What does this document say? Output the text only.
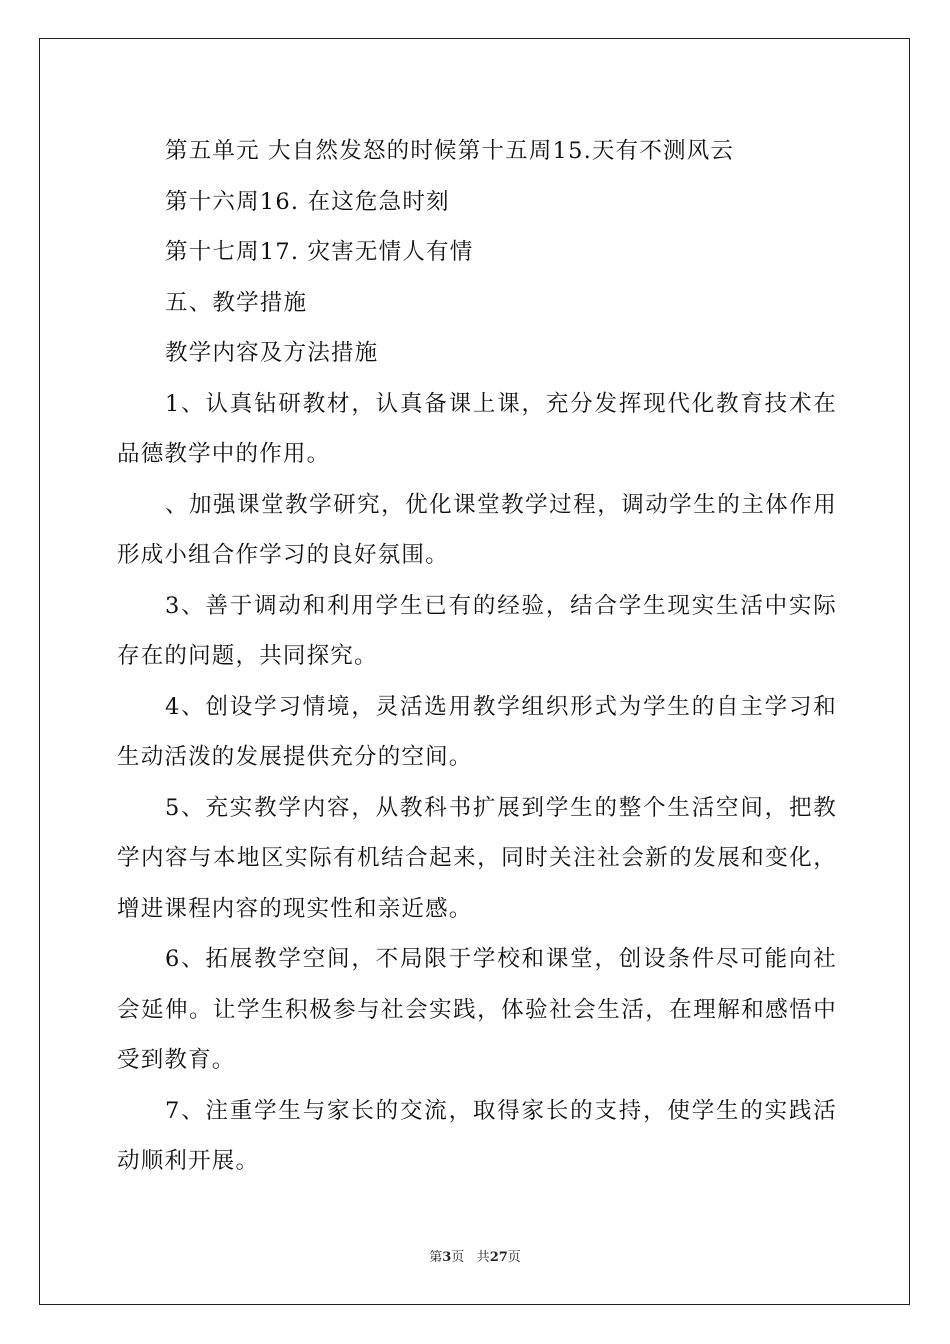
第五单元 大自然发怒的时候第十五周15.天有不测风云

第十六周16. 在这危急时刻

第十七周17. 灾害无情人有情

五、教学措施

教学内容及方法措施

1、认真钻研教材，认真备课上课，充分发挥现代化教育技术在品德教学中的作用。

、加强课堂教学研究，优化课堂教学过程，调动学生的主体作用形成小组合作学习的良好氛围。

3、善于调动和利用学生已有的经验，结合学生现实生活中实际存在的问题，共同探究。

4、创设学习情境，灵活选用教学组织形式为学生的自主学习和生动活泼的发展提供充分的空间。

5、充实教学内容，从教科书扩展到学生的整个生活空间，把教学内容与本地区实际有机结合起来，同时关注社会新的发展和变化，增进课程内容的现实性和亲近感。

6、拓展教学空间，不局限于学校和课堂，创设条件尽可能向社会延伸。让学生积极参与社会实践，体验社会生活，在理解和感悟中受到教育。

7、注重学生与家长的交流，取得家长的支持，使学生的实践活动顺利开展。

第3页 共27页
